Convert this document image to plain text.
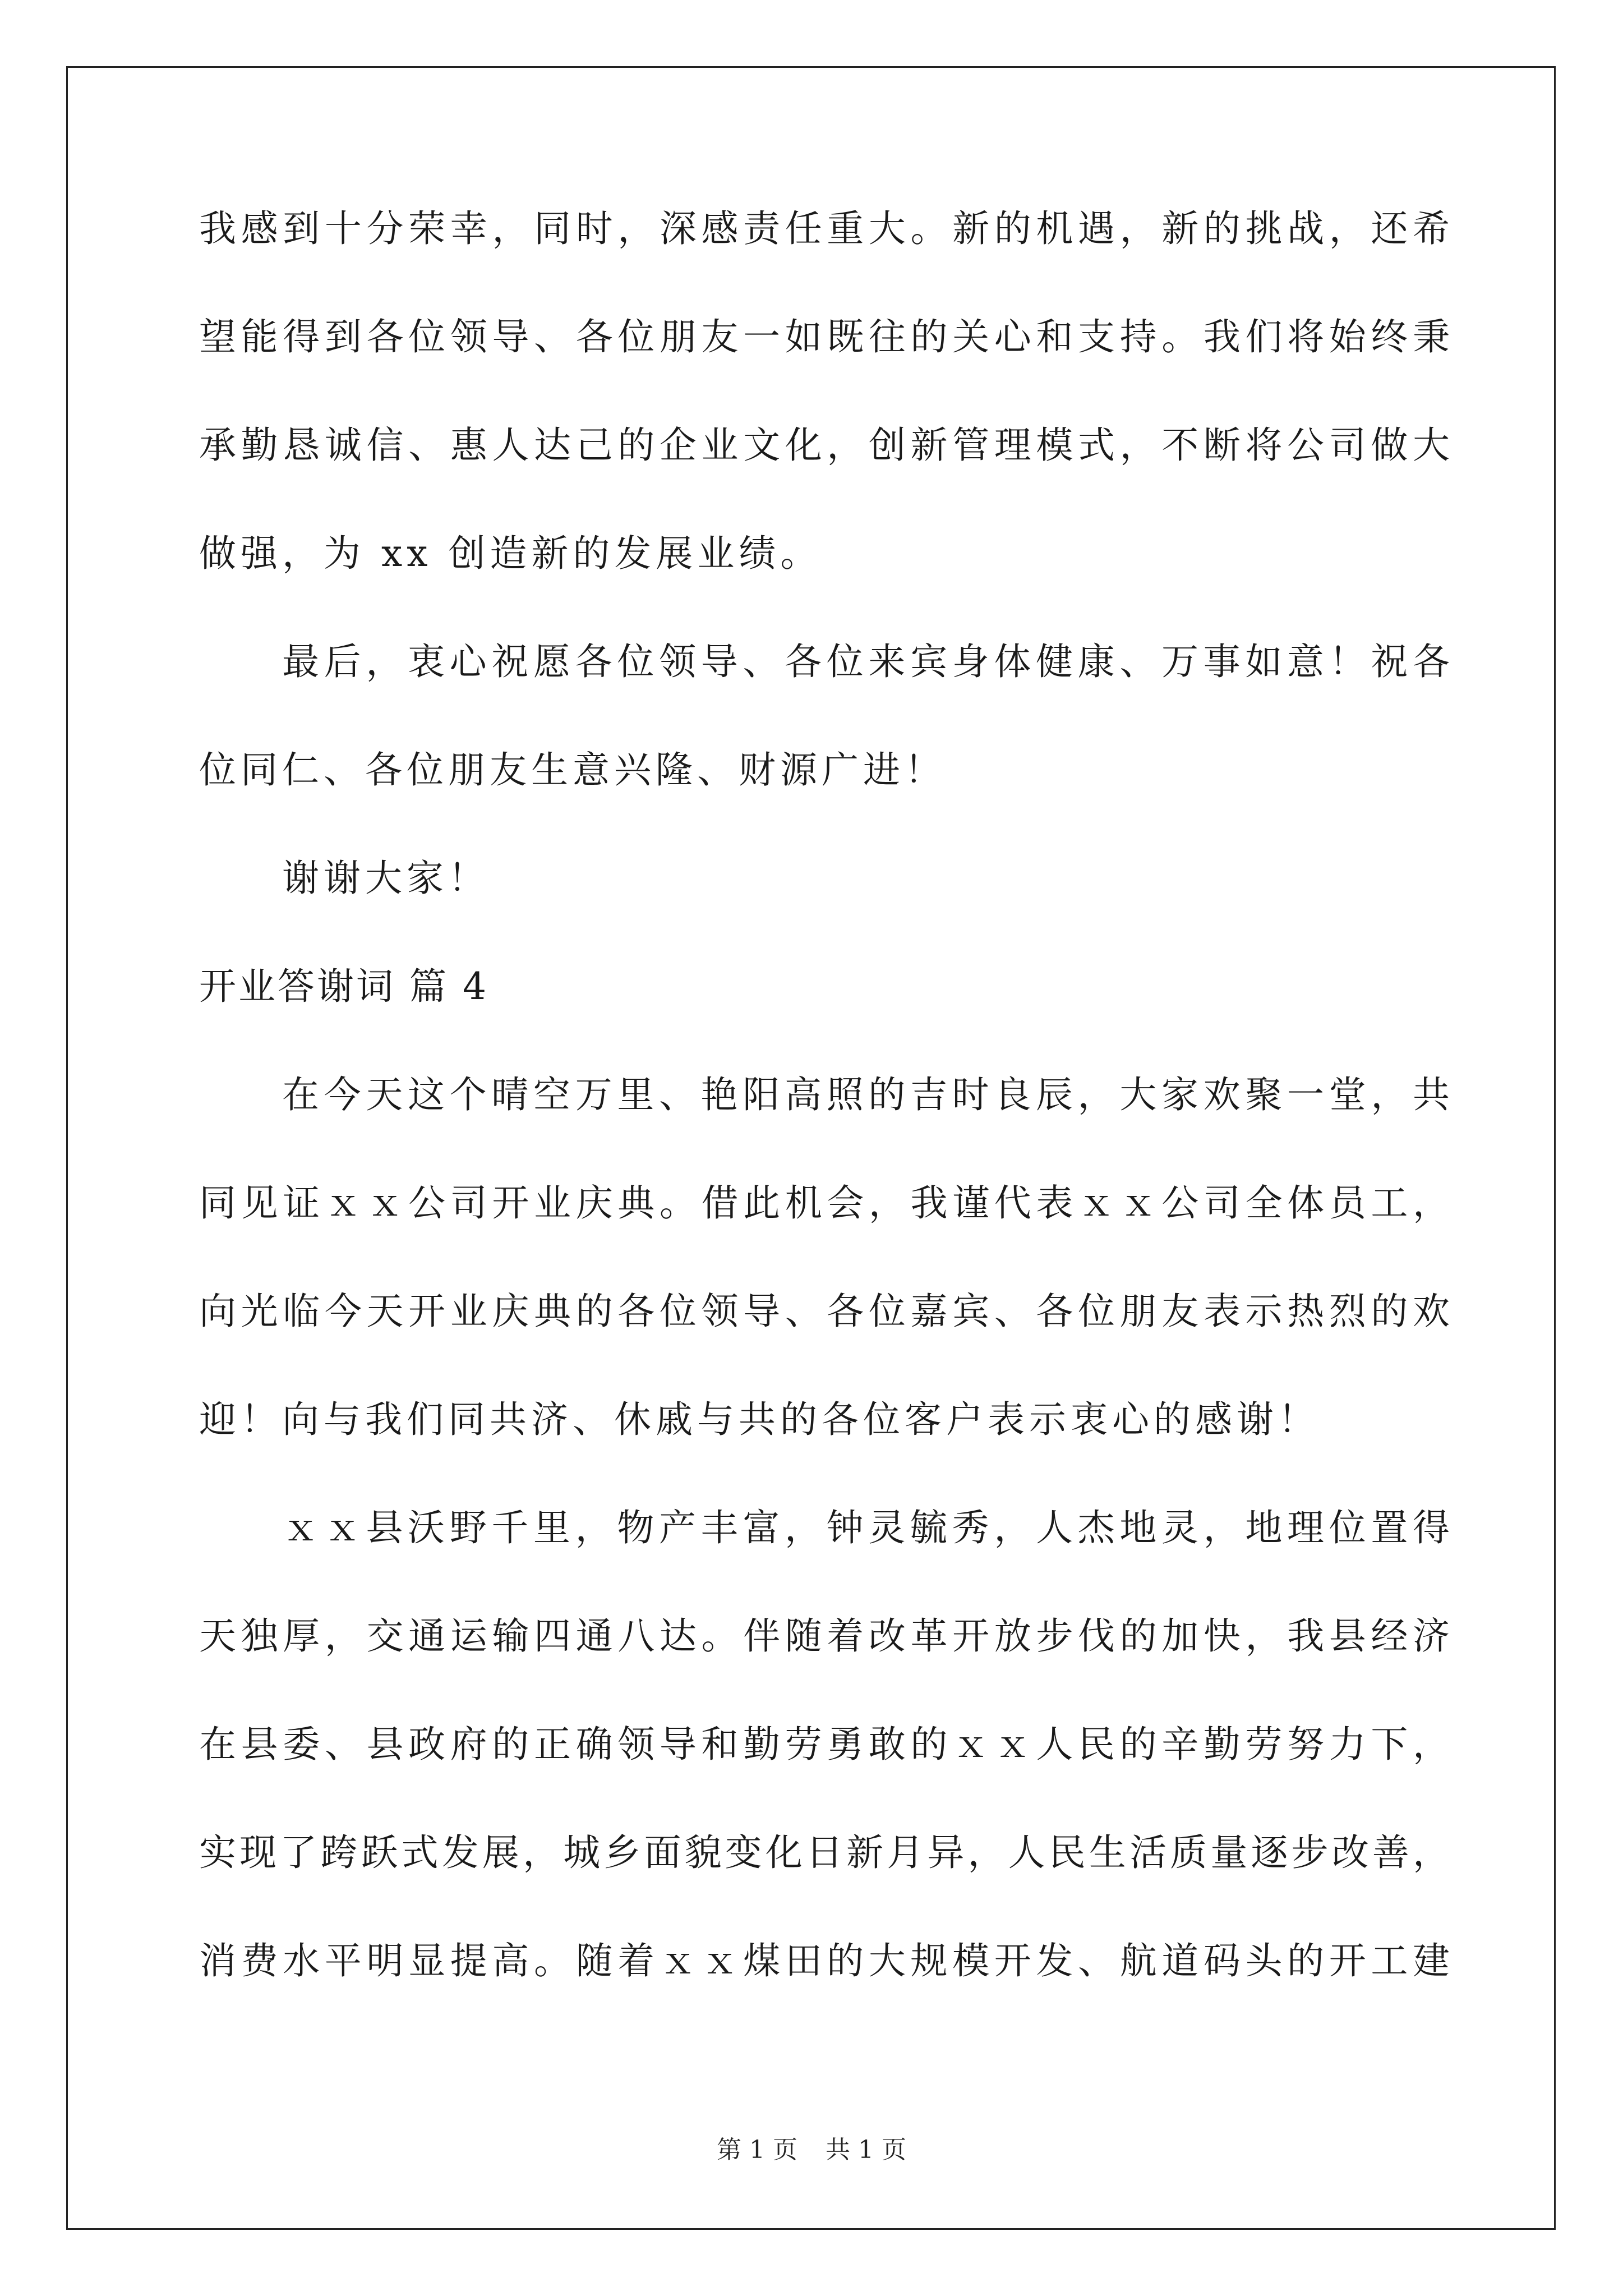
我感到十分荣幸，同时，深感责任重大。新的机遇，新的挑战，还希
望能得到各位领导、各位朋友一如既往的关心和支持。我们将始终秉
承勤恳诚信、惠人达己的企业文化，创新管理模式，不断将公司做大
做强，为 xx 创造新的发展业绩。
最后，衷心祝愿各位领导、各位来宾身体健康、万事如意！祝各
位同仁、各位朋友生意兴隆、财源广进！
谢谢大家！
开业答谢词 篇 4
在今天这个晴空万里、艳阳高照的吉时良辰，大家欢聚一堂，共
同见证ｘｘ公司开业庆典。借此机会，我谨代表ｘｘ公司全体员工，
向光临今天开业庆典的各位领导、各位嘉宾、各位朋友表示热烈的欢
迎！向与我们同共济、休戚与共的各位客户表示衷心的感谢！
ｘｘ县沃野千里，物产丰富，钟灵毓秀，人杰地灵，地理位置得
天独厚，交通运输四通八达。伴随着改革开放步伐的加快，我县经济
在县委、县政府的正确领导和勤劳勇敢的ｘｘ人民的辛勤劳努力下，
实现了跨跃式发展，城乡面貌变化日新月异，人民生活质量逐步改善，
消费水平明显提高。随着ｘｘ煤田的大规模开发、航道码头的开工建
第 1 页 共 1 页
